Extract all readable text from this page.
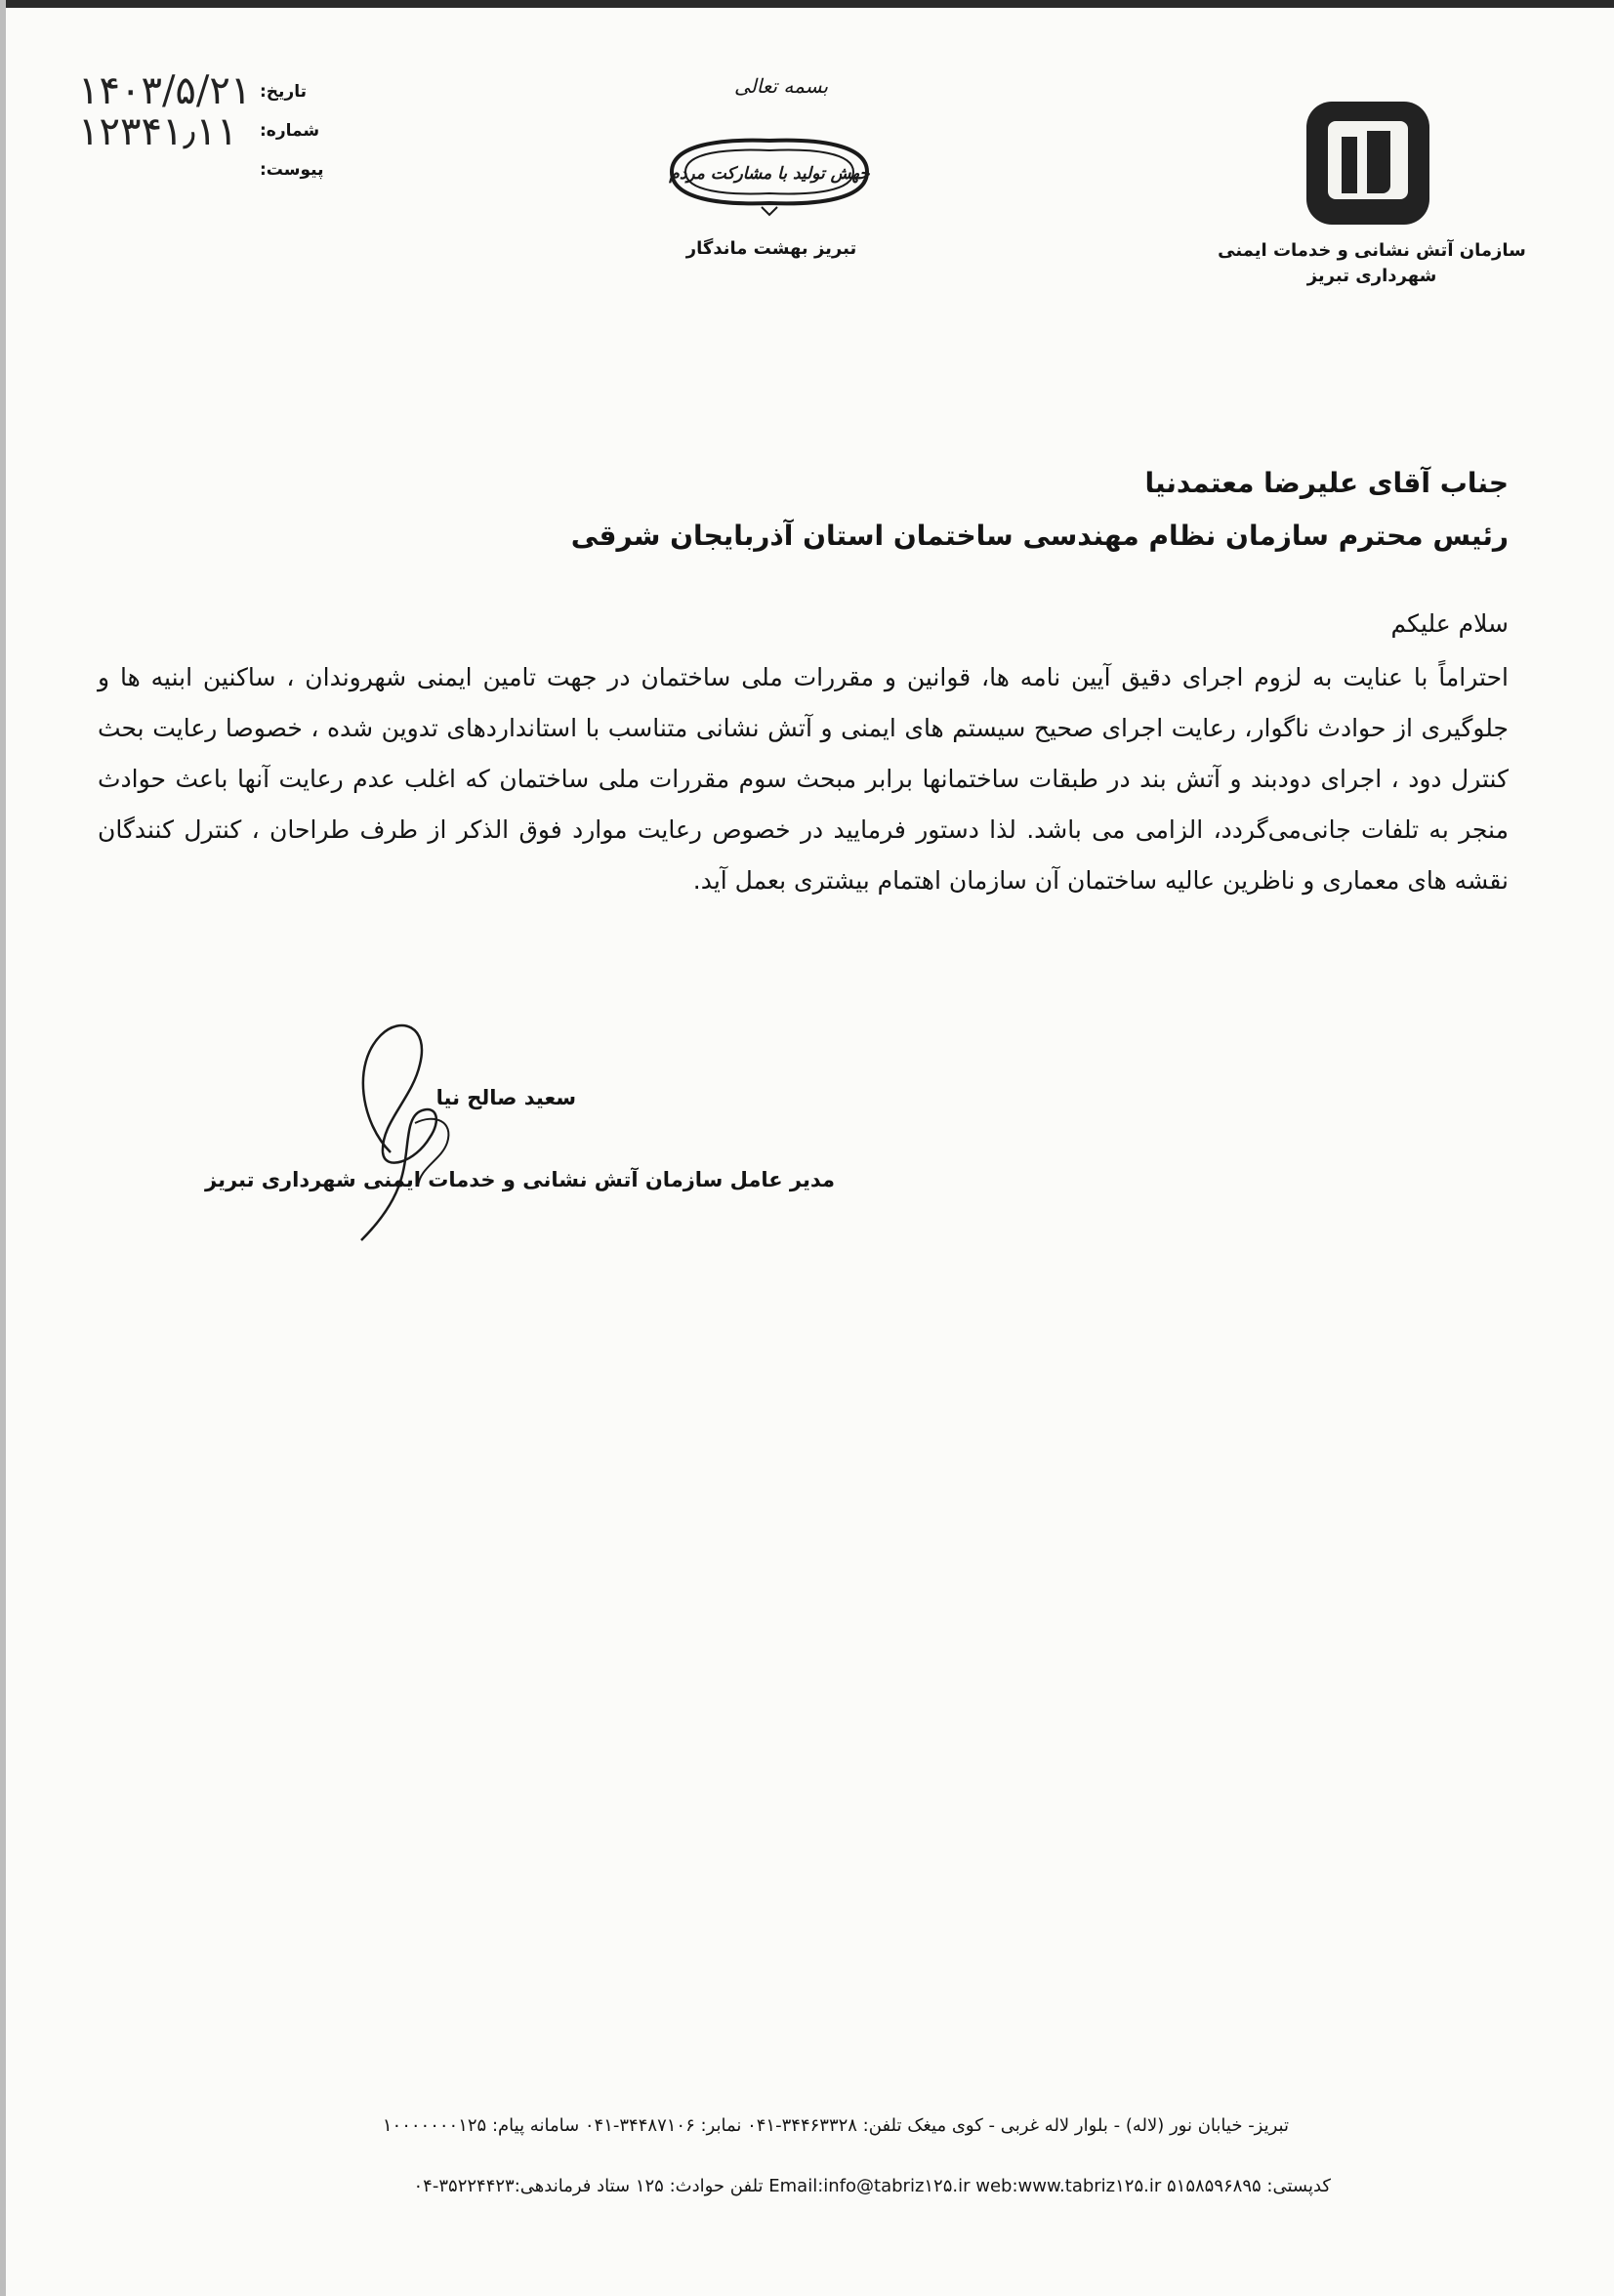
تاریخ:
شماره:
پیوست:
۱۴۰۳/۵/۲۱
۱۲۳۴۱٫۱۱
بسمه تعالی
جهش تولید با مشارکت مردم
تبریز بهشت ماندگار	سازمان آتش نشانی و خدمات ایمنی
شهرداری تبریز
جناب آقای علیرضا معتمدنیا
رئیس محترم سازمان نظام مهندسی ساختمان استان آذربایجان شرقی
سلام علیکم
احتراماً با عنایت به لزوم اجرای دقیق آیین نامه ها، قوانین و مقررات ملی ساختمان در جهت تامین ایمنی شهروندان ، ساکنین ابنیه ها و جلوگیری از حوادث ناگوار، رعایت اجرای صحیح سیستم های ایمنی و آتش نشانی متناسب با استانداردهای تدوین شده ، خصوصا رعایت بحث کنترل دود ، اجرای دودبند و آتش بند در طبقات ساختمانها برابر مبحث سوم مقررات ملی ساختمان که اغلب عدم رعایت آنها باعث حوادث منجر به تلفات جانی‌می‌گردد، الزامی می باشد. لذا دستور فرمایید در خصوص رعایت موارد فوق الذکر از طرف طراحان ، کنترل کنندگان نقشه های معماری و ناظرین عالیه ساختمان آن سازمان اهتمام بیشتری بعمل آید.
سعید صالح نیا
مدیر عامل سازمان آتش نشانی و خدمات ایمنی شهرداری تبریز
تبریز- خیابان نور (لاله) - بلوار لاله غربی - کوی میغک تلفن: ۳۴۴۶۳۳۲۸-۰۴۱ نمابر: ۳۴۴۸۷۱۰۶-۰۴۱ سامانه پیام: ۱۰۰۰۰۰۰۰۱۲۵
کدپستی: ۵۱۵۸۵۹۶۸۹۵ Email:info@tabriz۱۲۵.ir web:www.tabriz۱۲۵.ir تلفن حوادث: ۱۲۵ ستاد فرماندهی:۳۵۲۲۴۴۲۳-۰۴
